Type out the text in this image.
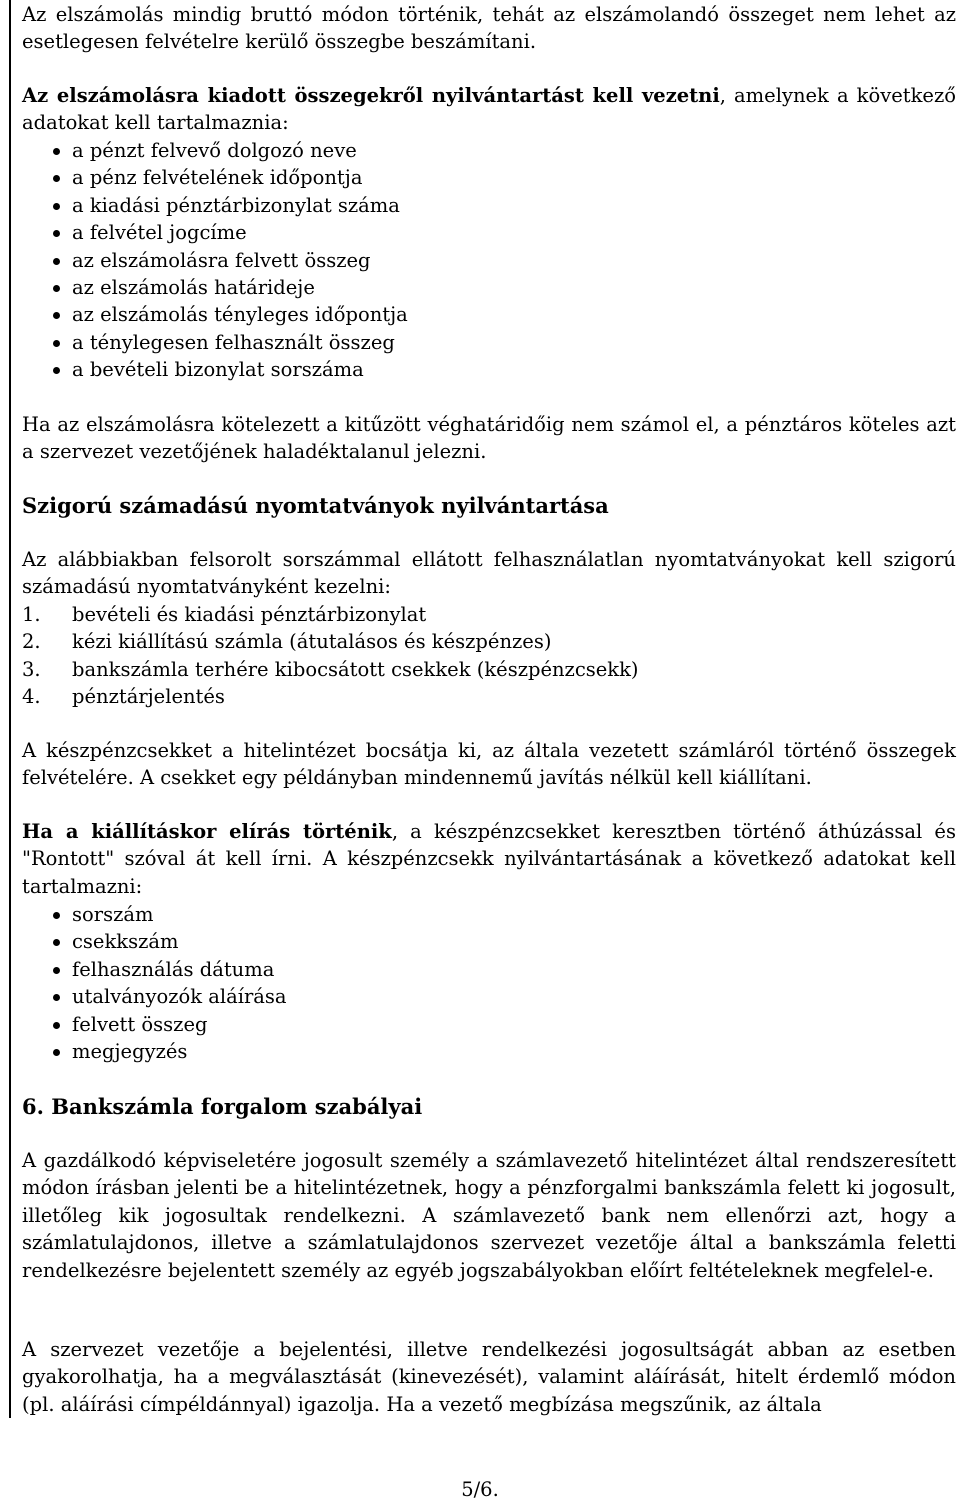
Az elszámolás mindig bruttó módon történik, tehát az elszámolandó összeget nem lehet az esetlegesen felvételre kerülő összegbe beszámítani.

Az elszámolásra kiadott összegekről nyilvántartást kell vezetni, amelynek a következő adatokat kell tartalmaznia:

a pénzt felvevő dolgozó neve
a pénz felvételének időpontja
a kiadási pénztárbizonylat száma
a felvétel jogcíme
az elszámolásra felvett összeg
az elszámolás határideje
az elszámolás tényleges időpontja
a ténylegesen felhasznált összeg
a bevételi bizonylat sorszáma

Ha az elszámolásra kötelezett a kitűzött véghatáridőig nem számol el, a pénztáros köteles azt a szervezet vezetőjének haladéktalanul jelezni.

Szigorú számadású nyomtatványok nyilvántartása

Az alábbiakban felsorolt sorszámmal ellátott felhasználatlan nyomtatványokat kell szigorú számadású nyomtatványként kezelni:

1. bevételi és kiadási pénztárbizonylat
2. kézi kiállítású számla (átutalásos és készpénzes)
3. bankszámla terhére kibocsátott csekkek (készpénzcsekk)
4. pénztárjelentés

A készpénzcsekket a hitelintézet bocsátja ki, az általa vezetett számláról történő összegek felvételére. A csekket egy példányban mindennemű javítás nélkül kell kiállítani.

Ha a kiállításkor elírás történik, a készpénzcsekket keresztben történő áthúzással és "Rontott" szóval át kell írni. A készpénzcsekk nyilvántartásának a következő adatokat kell tartalmazni:

sorszám
csekkszám
felhasználás dátuma
utalványozók aláírása
felvett összeg
megjegyzés

6. Bankszámla forgalom szabályai

A gazdálkodó képviseletére jogosult személy a számlavezető hitelintézet által rendszeresített módon írásban jelenti be a hitelintézetnek, hogy a pénzforgalmi bankszámla felett ki jogosult, illetőleg kik jogosultak rendelkezni. A számlavezető bank nem ellenőrzi azt, hogy a számlatulajdonos, illetve a számlatulajdonos szervezet vezetője által a bankszámla feletti rendelkezésre bejelentett személy az egyéb jogszabályokban előírt feltételeknek megfelel-e.

A szervezet vezetője a bejelentési, illetve rendelkezési jogosultságát abban az esetben gyakorolhatja, ha a megválasztását (kinevezését), valamint aláírását, hitelt érdemlő módon (pl. aláírási címpéldánnyal) igazolja. Ha a vezető megbízása megszűnik, az általa

5/6.
